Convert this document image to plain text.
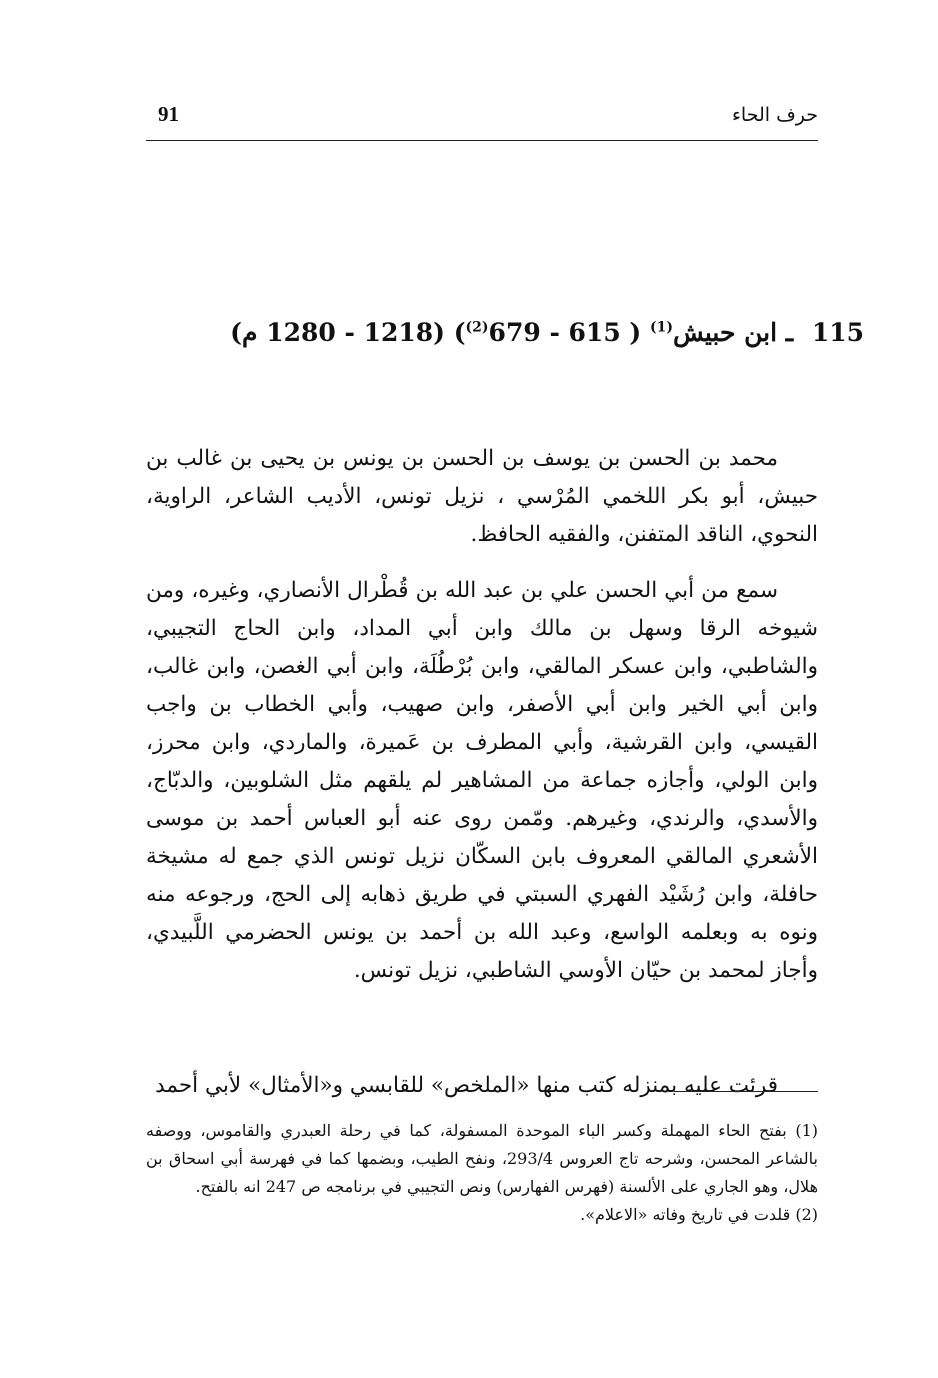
91	حرف الحاء
115 ـ ابن حبيش$^{(1)}$ ( 615 - 679$^{(2)}$) (1218 - 1280 م)

محمد بن الحسن بن يوسف بن الحسن بن يونس بن يحيى بن غالب بن حبيش، أبو بكر اللخمي المُرْسي ، نزيل تونس، الأديب الشاعر، الراوية، النحوي، الناقد المتفنن، والفقيه الحافظ.

سمع من أبي الحسن علي بن عبد الله بن قُطْرال الأنصاري، وغيره، ومن شيوخه الرقا وسهل بن مالك وابن أبي المداد، وابن الحاج التجيبي، والشاطبي، وابن عسكر المالقي، وابن بُرْطُلَة، وابن أبي الغصن، وابن غالب، وابن أبي الخير وابن أبي الأصفر، وابن صهيب، وأبي الخطاب بن واجب القيسي، وابن القرشية، وأبي المطرف بن عَميرة، والماردي، وابن محرز، وابن الولي، وأجازه جماعة من المشاهير لم يلقهم مثل الشلوبين، والدبّاج، والأسدي، والرندي، وغيرهم. ومّمن روى عنه أبو العباس أحمد بن موسى الأشعري المالقي المعروف بابن السكّان نزيل تونس الذي جمع له مشيخة حافلة، وابن رُشَيْد الفهري السبتي في طريق ذهابه إلى الحج، ورجوعه منه ونوه به وبعلمه الواسع، وعبد الله بن أحمد بن يونس الحضرمي اللَّبيدي، وأجاز لمحمد بن حيّان الأوسي الشاطبي، نزيل تونس.

قرئت عليه بمنزله كتب منها «الملخص» للقابسي و«الأمثال» لأبي أحمد

(1) بفتح الحاء المهملة وكسر الباء الموحدة المسفولة، كما في رحلة العبدري والقاموس، ووصفه بالشاعر المحسن، وشرحه تاج العروس 293/4، ونفح الطيب، وبضمها كما في فهرسة أبي اسحاق بن هلال، وهو الجاري على الألسنة (فهرس الفهارس) ونص التجيبي في برنامجه ص 247 انه بالفتح.

(2) قلدت في تاريخ وفاته «الاعلام».
